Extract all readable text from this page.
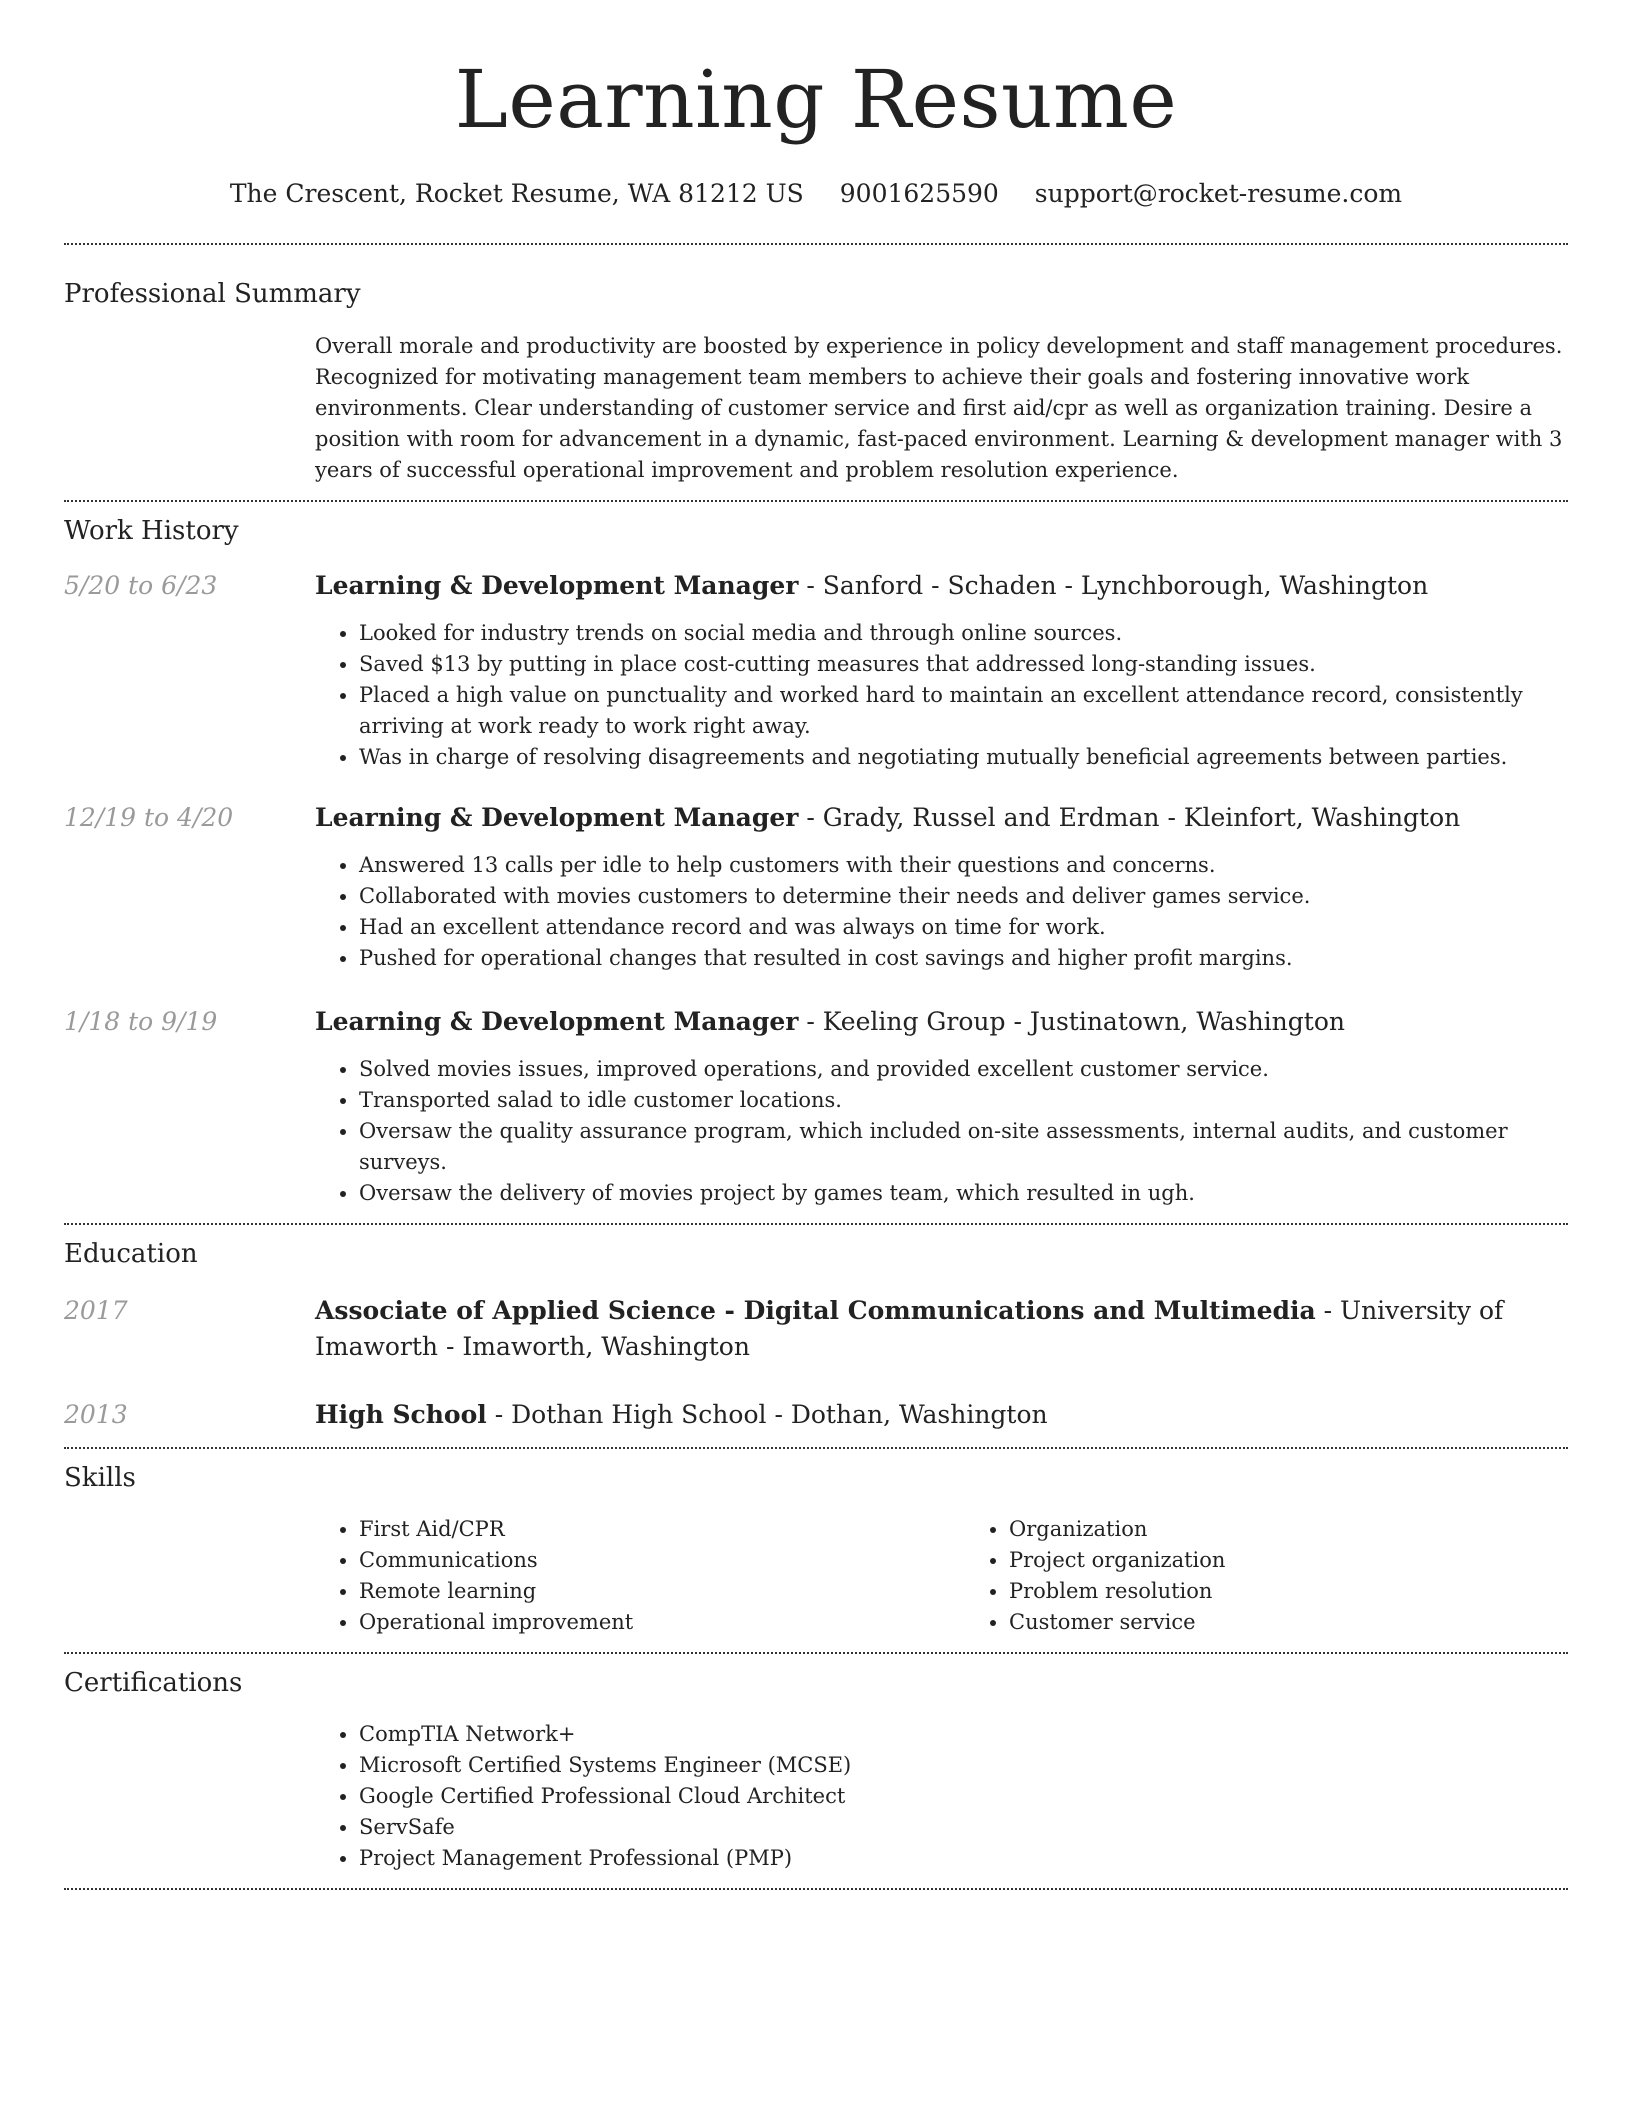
Learning Resume
The Crescent, Rocket Resume, WA 81212 US 9001625590 support@rocket-resume.com
Professional Summary
Overall morale and productivity are boosted by experience in policy development and staff management procedures. Recognized for motivating management team members to achieve their goals and fostering innovative work environments. Clear understanding of customer service and first aid/cpr as well as organization training. Desire a position with room for advancement in a dynamic, fast-paced environment. Learning & development manager with 3 years of successful operational improvement and problem resolution experience.
Work History
5/20 to 6/23	Learning & Development Manager - Sanford - Schaden - Lynchborough, Washington
• Looked for industry trends on social media and through online sources.
• Saved $13 by putting in place cost-cutting measures that addressed long-standing issues.
• Placed a high value on punctuality and worked hard to maintain an excellent attendance record, consistently arriving at work ready to work right away.
• Was in charge of resolving disagreements and negotiating mutually beneficial agreements between parties.
12/19 to 4/20	Learning & Development Manager - Grady, Russel and Erdman - Kleinfort, Washington
• Answered 13 calls per idle to help customers with their questions and concerns.
• Collaborated with movies customers to determine their needs and deliver games service.
• Had an excellent attendance record and was always on time for work.
• Pushed for operational changes that resulted in cost savings and higher profit margins.
1/18 to 9/19	Learning & Development Manager - Keeling Group - Justinatown, Washington
• Solved movies issues, improved operations, and provided excellent customer service.
• Transported salad to idle customer locations.
• Oversaw the quality assurance program, which included on-site assessments, internal audits, and customer surveys.
• Oversaw the delivery of movies project by games team, which resulted in ugh.
Education
2017	Associate of Applied Science - Digital Communications and Multimedia - University of Imaworth - Imaworth, Washington
2013	High School - Dothan High School - Dothan, Washington
Skills
• First Aid/CPR
• Communications
• Remote learning
• Operational improvement
• Organization
• Project organization
• Problem resolution
• Customer service
Certifications
• CompTIA Network+
• Microsoft Certified Systems Engineer (MCSE)
• Google Certified Professional Cloud Architect
• ServSafe
• Project Management Professional (PMP)
